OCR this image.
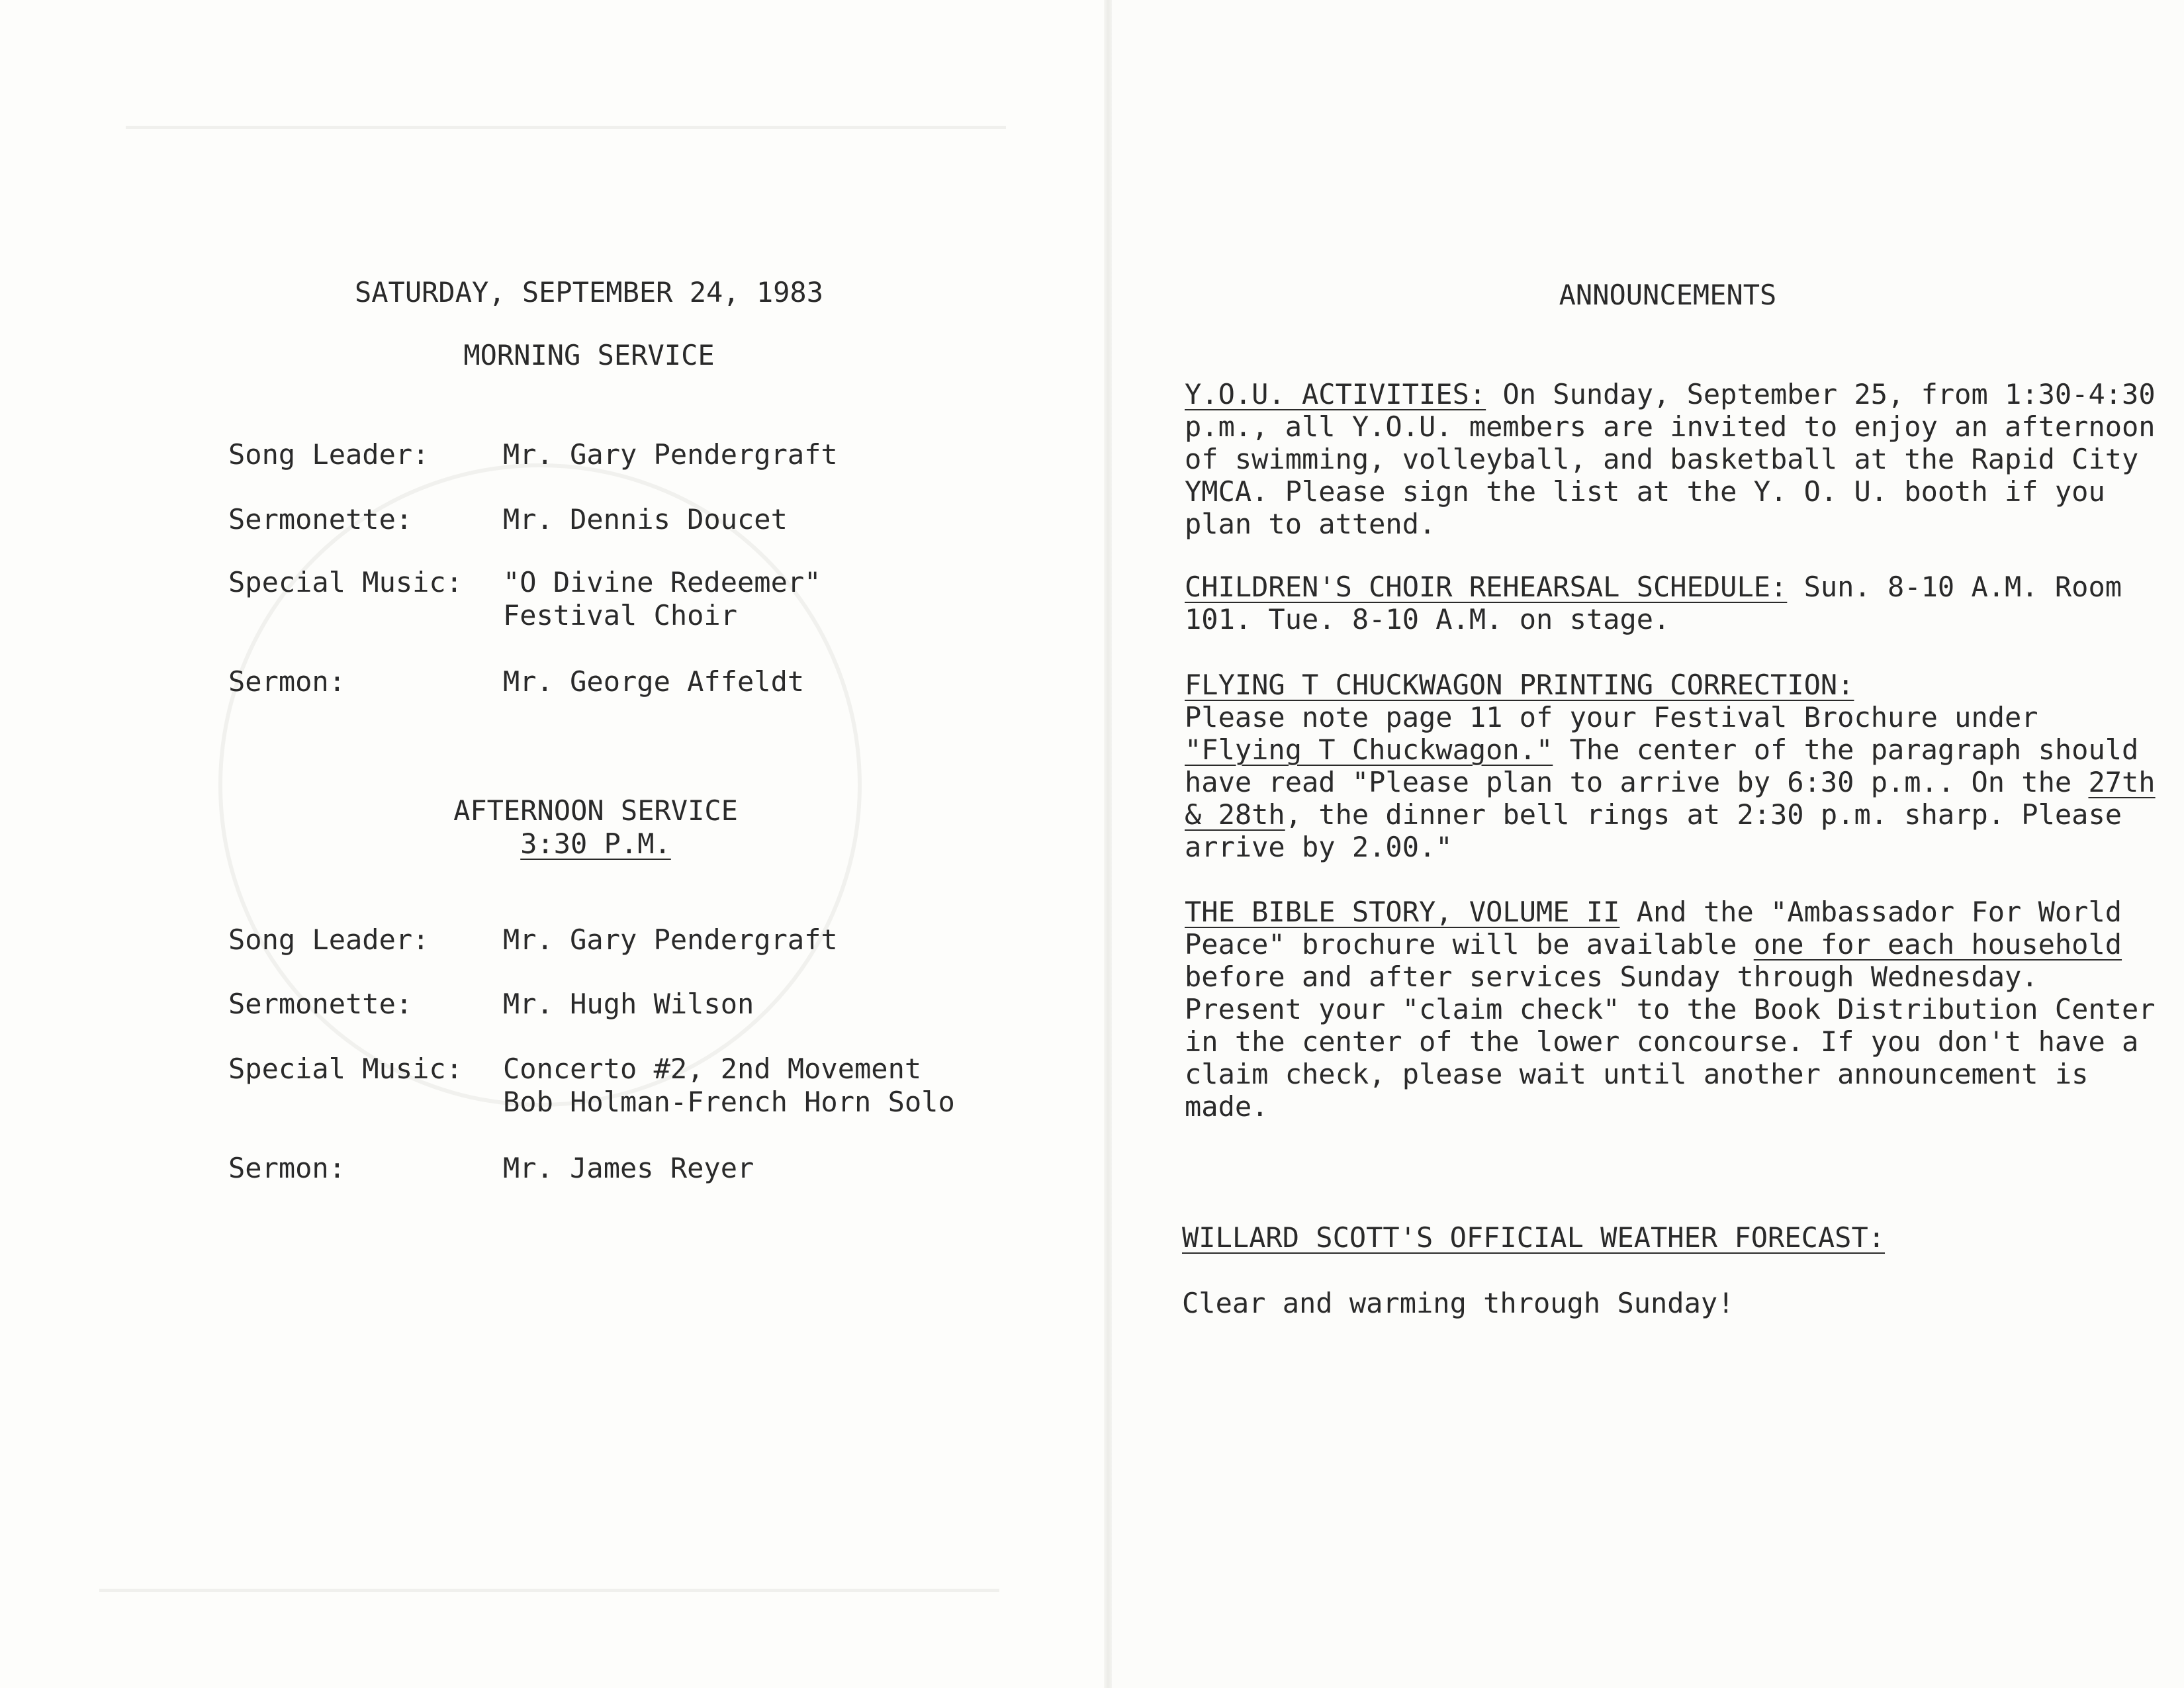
SATURDAY, SEPTEMBER 24, 1983
MORNING SERVICE
Song Leader:	Mr. Gary Pendergraft
Sermonette:	Mr. Dennis Doucet
Special Music: "O Divine Redeemer"
Festival Choir
Sermon:	Mr. George Affeldt
AFTERNOON SERVICE
3:30 P.M.
Song Leader:	Mr. Gary Pendergraft
Sermonette:	Mr. Hugh Wilson
Special Music: Concerto #2, 2nd Movement
Bob Holman-French Horn Solo
Sermon:	Mr. James Reyer
ANNOUNCEMENTS
Y.O.U. ACTIVITIES: On Sunday, September 25, from 1:30-4:30 p.m., all Y.O.U. members are invited to enjoy an afternoon of swimming, volleyball, and basketball at the Rapid City YMCA. Please sign the list at the Y. O. U. booth if you plan to attend.
CHILDREN'S CHOIR REHEARSAL SCHEDULE: Sun. 8-10 A.M. Room 101. Tue. 8-10 A.M. on stage.
FLYING T CHUCKWAGON PRINTING CORRECTION:
Please note page 11 of your Festival Brochure under "Flying T Chuckwagon." The center of the paragraph should have read "Please plan to arrive by 6:30 p.m.. On the 27th & 28th, the dinner bell rings at 2:30 p.m. sharp. Please arrive by 2.00."
THE BIBLE STORY, VOLUME II And the "Ambassador For World Peace" brochure will be available one for each household before and after services Sunday through Wednesday. Present your "claim check" to the Book Distribution Center in the center of the lower concourse. If you don't have a claim check, please wait until another announcement is made.
WILLARD SCOTT'S OFFICIAL WEATHER FORECAST:
Clear and warming through Sunday!
